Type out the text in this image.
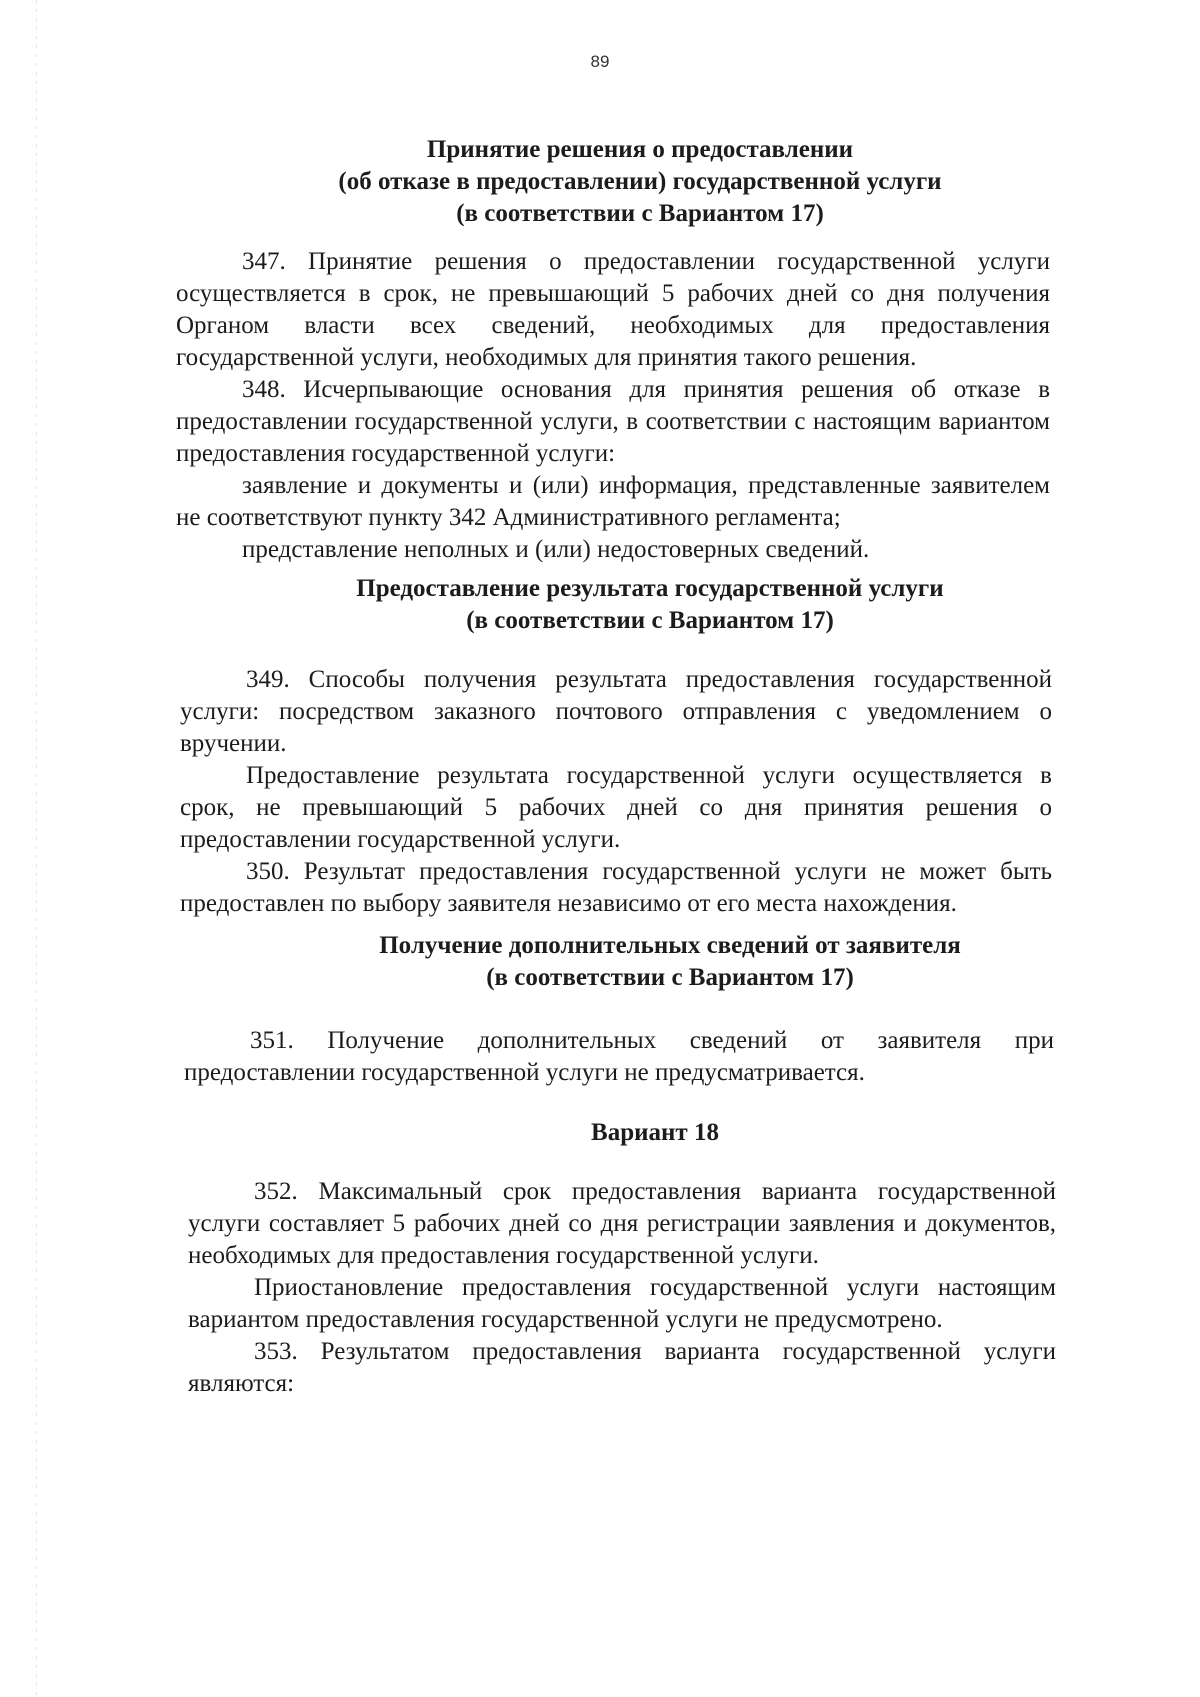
89
Принятие решения о предоставлении
(об отказе в предоставлении) государственной услуги
(в соответствии с Вариантом 17)

347. Принятие решения о предоставлении государственной услуги осуществляется в срок, не превышающий 5 рабочих дней со дня получения Органом власти всех сведений, необходимых для предоставления государственной услуги, необходимых для принятия такого решения.

348. Исчерпывающие основания для принятия решения об отказе в предоставлении государственной услуги, в соответствии с настоящим вариантом предоставления государственной услуги:

заявление и документы и (или) информация, представленные заявителем не соответствуют пункту 342 Административного регламента;

представление неполных и (или) недостоверных сведений.

Предоставление результата государственной услуги
(в соответствии с Вариантом 17)

349. Способы получения результата предоставления государственной услуги: посредством заказного почтового отправления с уведомлением о вручении.

Предоставление результата государственной услуги осуществляется в срок, не превышающий 5 рабочих дней со дня принятия решения о предоставлении государственной услуги.

350. Результат предоставления государственной услуги не может быть предоставлен по выбору заявителя независимо от его места нахождения.

Получение дополнительных сведений от заявителя
(в соответствии с Вариантом 17)

351. Получение дополнительных сведений от заявителя при предоставлении государственной услуги не предусматривается.

Вариант 18

352. Максимальный срок предоставления варианта государственной услуги составляет 5 рабочих дней со дня регистрации заявления и документов, необходимых для предоставления государственной услуги.

Приостановление предоставления государственной услуги настоящим вариантом предоставления государственной услуги не предусмотрено.

353. Результатом предоставления варианта государственной услуги являются:
